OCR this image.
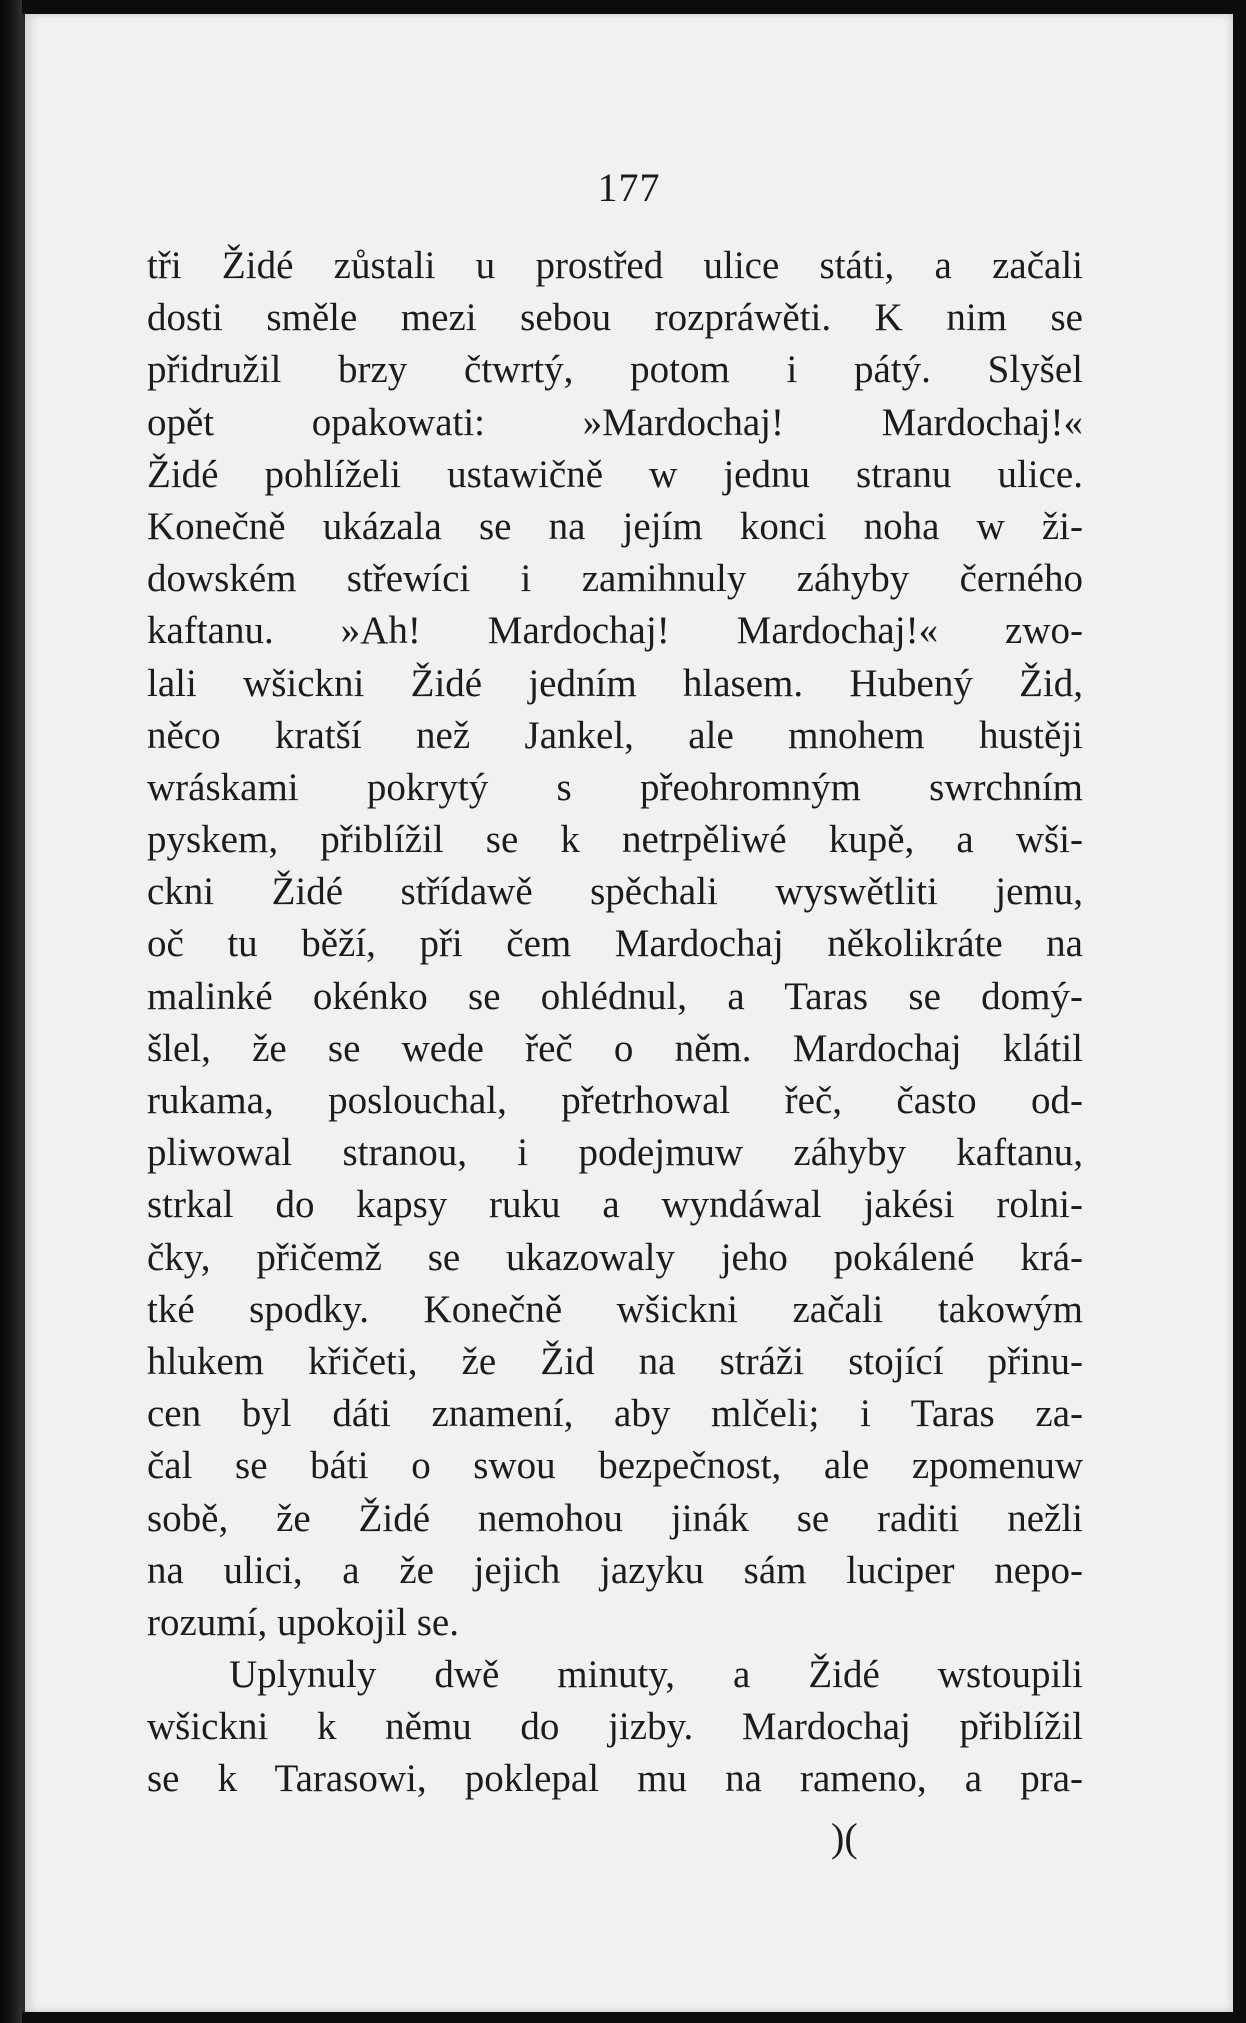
177
tři Židé zůstali u prostřed ulice státi, a začali
dosti směle mezi sebou rozpráwěti. K nim se
přidružil brzy čtwrtý, potom i pátý. Slyšel
opět opakowati: »Mardochaj! Mardochaj!«
Židé pohlíželi ustawičně w jednu stranu ulice.
Konečně ukázala se na jejím konci noha w ži-
dowském střewíci i zamihnuly záhyby černého
kaftanu. »Ah! Mardochaj! Mardochaj!« zwo-
lali wšickni Židé jedním hlasem. Hubený Žid,
něco kratší než Jankel, ale mnohem hustěji
wráskami pokrytý s přeohromným swrchním
pyskem, přiblížil se k netrpěliwé kupě, a wši-
ckni Židé střídawě spěchali wyswětliti jemu,
oč tu běží, při čem Mardochaj několikráte na
malinké okénko se ohlédnul, a Taras se domý-
šlel, že se wede řeč o něm. Mardochaj klátil
rukama, poslouchal, přetrhowal řeč, často od-
pliwowal stranou, i podejmuw záhyby kaftanu,
strkal do kapsy ruku a wyndáwal jakési rolni-
čky, přičemž se ukazowaly jeho pokálené krá-
tké spodky. Konečně wšickni začali takowým
hlukem křičeti, že Žid na stráži stojící přinu-
cen byl dáti znamení, aby mlčeli; i Taras za-
čal se báti o swou bezpečnost, ale zpomenuw
sobě, že Židé nemohou jinák se raditi nežli
na ulici, a že jejich jazyku sám luciper nepo-
rozumí, upokojil se.
Uplynuly dwě minuty, a Židé wstoupili
wšickni k němu do jizby. Mardochaj přiblížil
se k Tarasowi, poklepal mu na rameno, a pra-
)(
